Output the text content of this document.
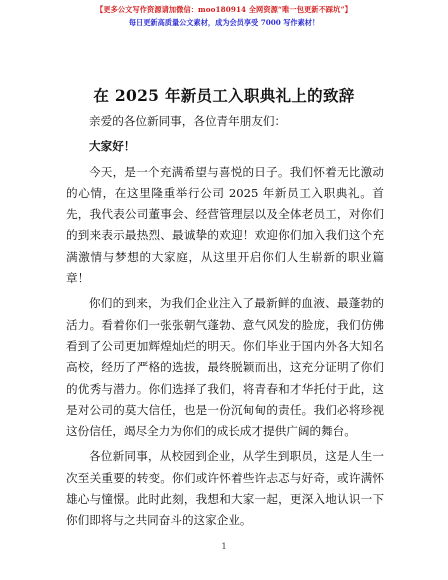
【更多公文写作资源请加微信：moo180914 全网资源“唯一包更新不踩坑”】
每日更新高质量公文素材，成为会员享受 7000 写作素材！
在 2025 年新员工入职典礼上的致辞

亲爱的各位新同事，各位青年朋友们：

大家好！

今天，是一个充满希望与喜悦的日子。我们怀着无比激动的心情，在这里隆重举行公司 2025 年新员工入职典礼。首先，我代表公司董事会、经营管理层以及全体老员工，对你们的到来表示最热烈、最诚挚的欢迎！欢迎你们加入我们这个充满激情与梦想的大家庭，从这里开启你们人生崭新的职业篇章！

你们的到来，为我们企业注入了最新鲜的血液、最蓬勃的活力。看着你们一张张朝气蓬勃、意气风发的脸庞，我们仿佛看到了公司更加辉煌灿烂的明天。你们毕业于国内外各大知名高校，经历了严格的选拔，最终脱颖而出，这充分证明了你们的优秀与潜力。你们选择了我们，将青春和才华托付于此，这是对公司的莫大信任，也是一份沉甸甸的责任。我们必将珍视这份信任，竭尽全力为你们的成长成才提供广阔的舞台。

各位新同事，从校园到企业，从学生到职员，这是人生一次至关重要的转变。你们或许怀着些许忐忑与好奇，或许满怀雄心与憧憬。此时此刻，我想和大家一起，更深入地认识一下你们即将与之共同奋斗的这家企业。

1
